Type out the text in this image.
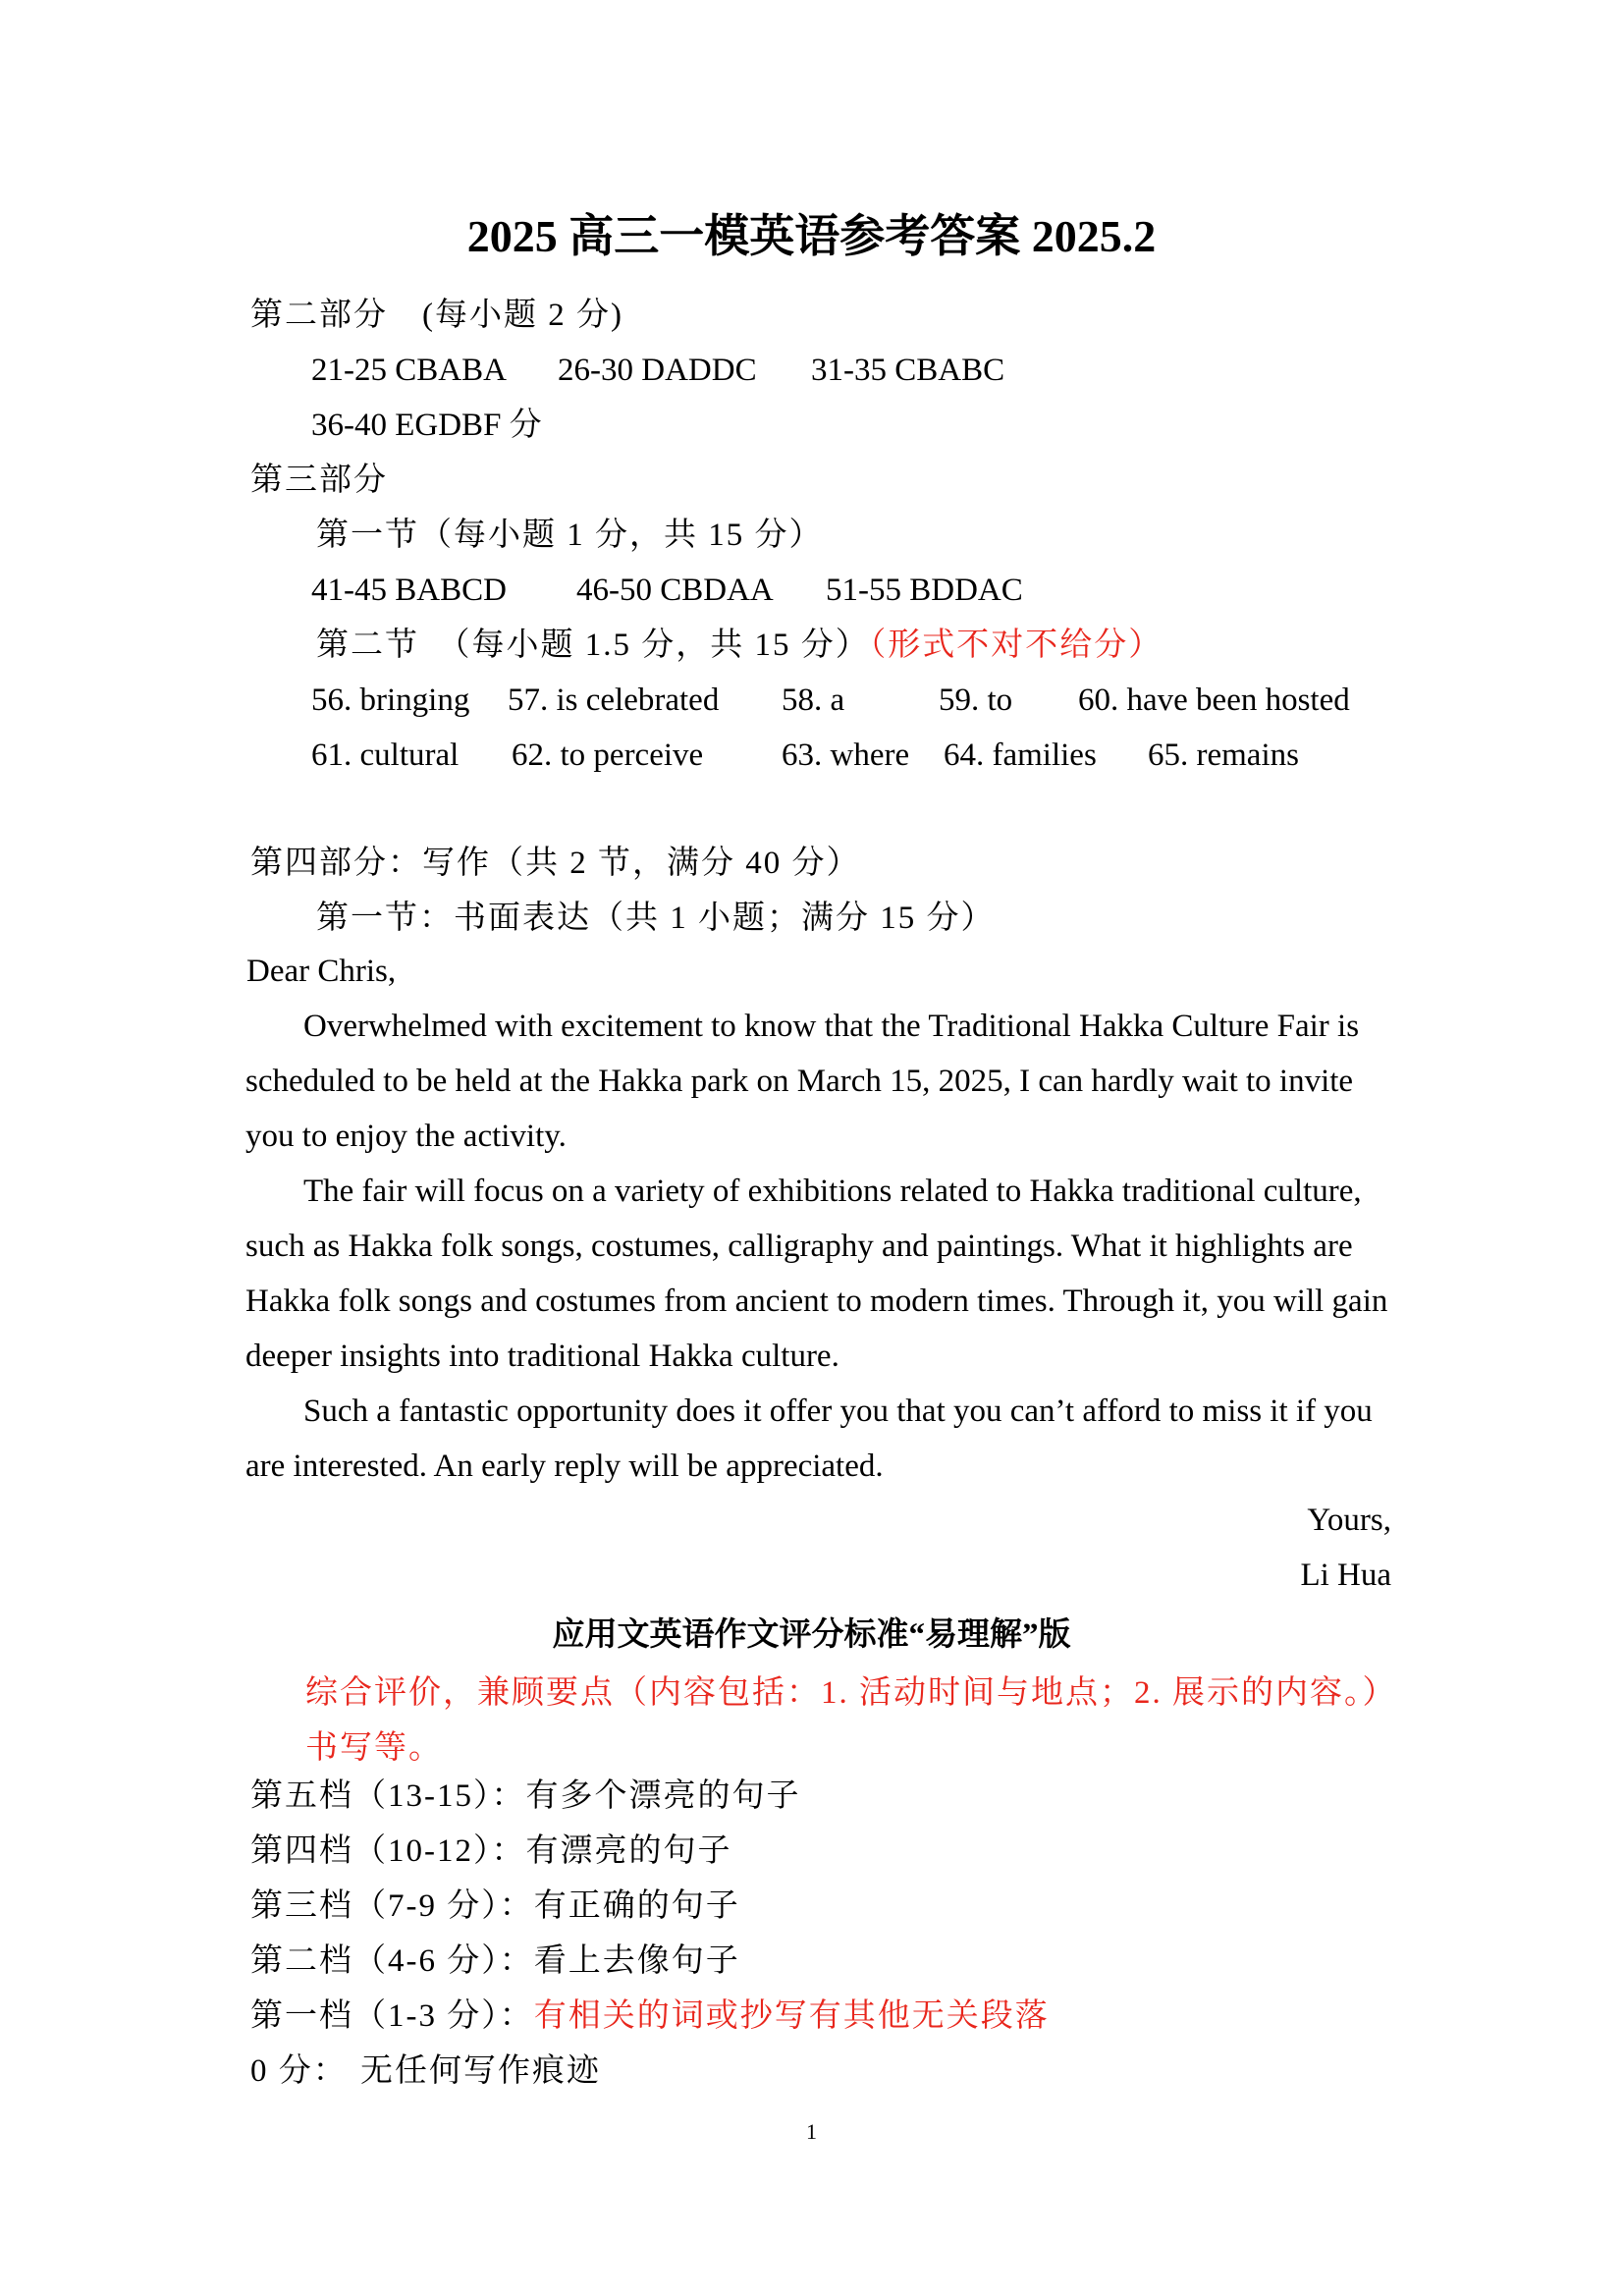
2025 高三一模英语参考答案 2025.2
第二部分　(每小题 2 分)
21-25 CBABA 26-30 DADDC 31-35 CBABC
36-40 EGDBF 分
第三部分
第一节（每小题 1 分，共 15 分）
41-45 BABCD 46-50 CBDAA 51-55 BDDAC
第二节　（每小题 1.5 分，共 15 分）（形式不对不给分）
56. bringing 57. is celebrated 58. a	59. to 60. have been hosted
61. cultural 62. to perceive 63. where 64. families 65. remains
第四部分：写作（共 2 节，满分 40 分）
第一节：书面表达（共 1 小题；满分 15 分）
Dear Chris,
Overwhelmed with excitement to know that the Traditional Hakka Culture Fair is scheduled to be held at the Hakka park on March 15, 2025, I can hardly wait to invite you to enjoy the activity.
The fair will focus on a variety of exhibitions related to Hakka traditional culture, such as Hakka folk songs, costumes, calligraphy and paintings. What it highlights are Hakka folk songs and costumes from ancient to modern times. Through it, you will gain deeper insights into traditional Hakka culture.
Such a fantastic opportunity does it offer you that you can’t afford to miss it if you are interested. An early reply will be appreciated.
Yours,
Li Hua
应用文英语作文评分标准“易理解”版
综合评价，兼顾要点（内容包括：1. 活动时间与地点；2. 展示的内容。）书写等。
第五档（13-15）：有多个漂亮的句子
第四档（10-12）：有漂亮的句子
第三档（7-9 分）：有正确的句子
第二档（4-6 分）：看上去像句子
第一档（1-3 分）：有相关的词或抄写有其他无关段落
0 分： 无任何写作痕迹
1
